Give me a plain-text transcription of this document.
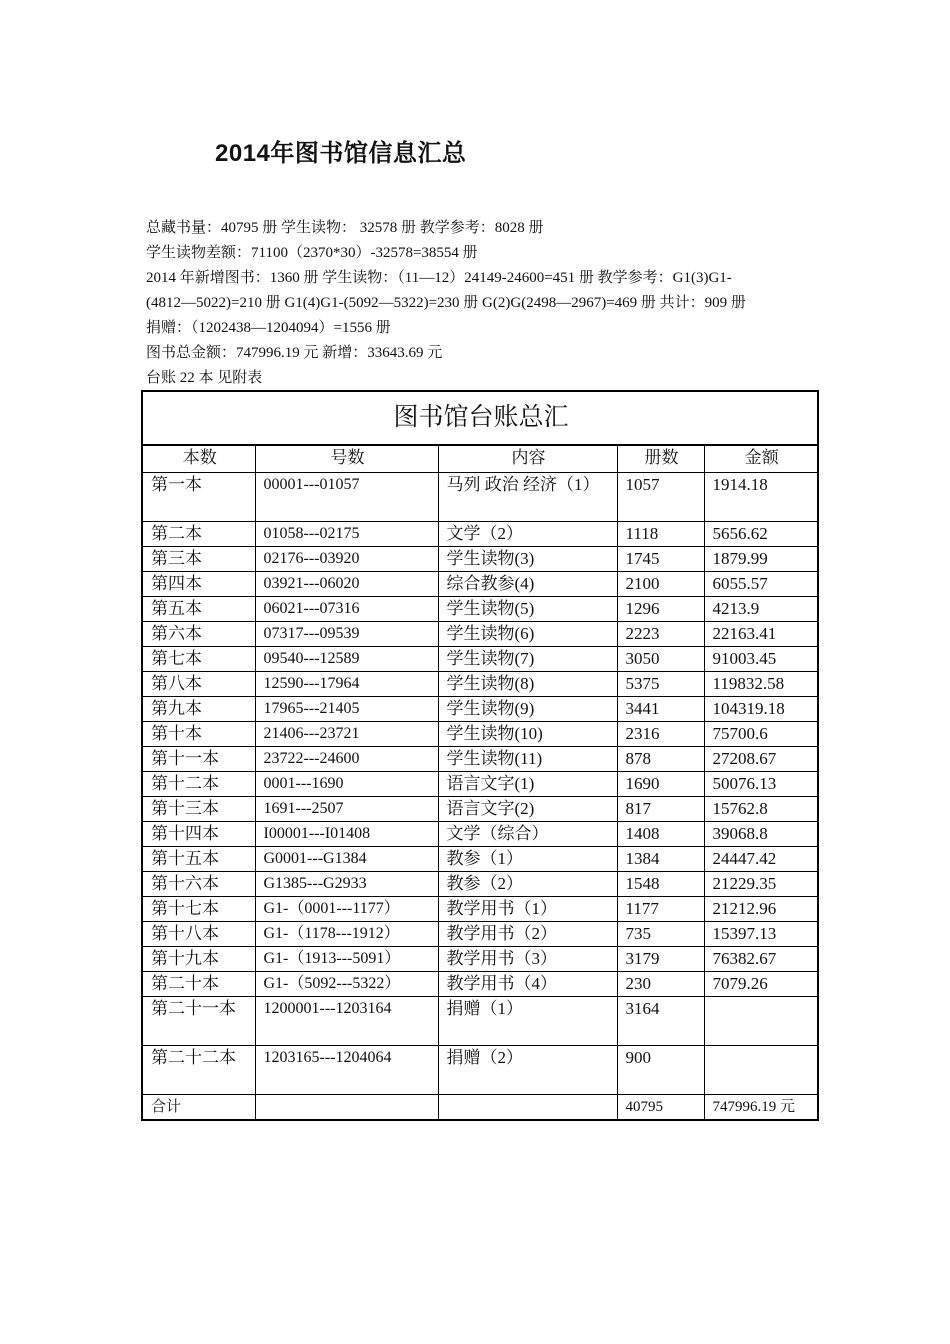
2014年图书馆信息汇总
总藏书量：40795 册 学生读物： 32578 册 教学参考：8028 册
学生读物差额：71100（2370*30）-32578=38554 册
2014 年新增图书：1360 册 学生读物：（11—12）24149-24600=451 册 教学参考：G1(3)G1-
(4812—5022)=210 册 G1(4)G1-(5092—5322)=230 册 G(2)G(2498—2967)=469 册 共计：909 册
捐赠：（1202438—1204094）=1556 册
图书总金额：747996.19 元 新增：33643.69 元
台账 22 本 见附表
图书馆台账总汇				
本数	号数	内容	册数	金额
第一本	00001---01057	马列 政治 经济（1）	1057	1914.18
第二本	01058---02175	文学（2）	1118	5656.62
第三本	02176---03920	学生读物(3)	1745	1879.99
第四本	03921---06020	综合教参(4)	2100	6055.57
第五本	06021---07316	学生读物(5)	1296	4213.9
第六本	07317---09539	学生读物(6)	2223	22163.41
第七本	09540---12589	学生读物(7)	3050	91003.45
第八本	12590---17964	学生读物(8)	5375	119832.58
第九本	17965---21405	学生读物(9)	3441	104319.18
第十本	21406---23721	学生读物(10)	2316	75700.6
第十一本	23722---24600	学生读物(11)	878	27208.67
第十二本	0001---1690	语言文字(1)	1690	50076.13
第十三本	1691---2507	语言文字(2)	817	15762.8
第十四本	I00001---I01408	文学（综合）	1408	39068.8
第十五本	G0001---G1384	教参（1）	1384	24447.42
第十六本	G1385---G2933	教参（2）	1548	21229.35
第十七本	G1-（0001---1177）	教学用书（1）	1177	21212.96
第十八本	G1-（1178---1912）	教学用书（2）	735	15397.13
第十九本	G1-（1913---5091）	教学用书（3）	3179	76382.67
第二十本	G1-（5092---5322）	教学用书（4）	230	7079.26
第二十一本	1200001---1203164	捐赠（1）	3164	
第二十二本	1203165---1204064	捐赠（2）	900	
合计			40795	747996.19 元
